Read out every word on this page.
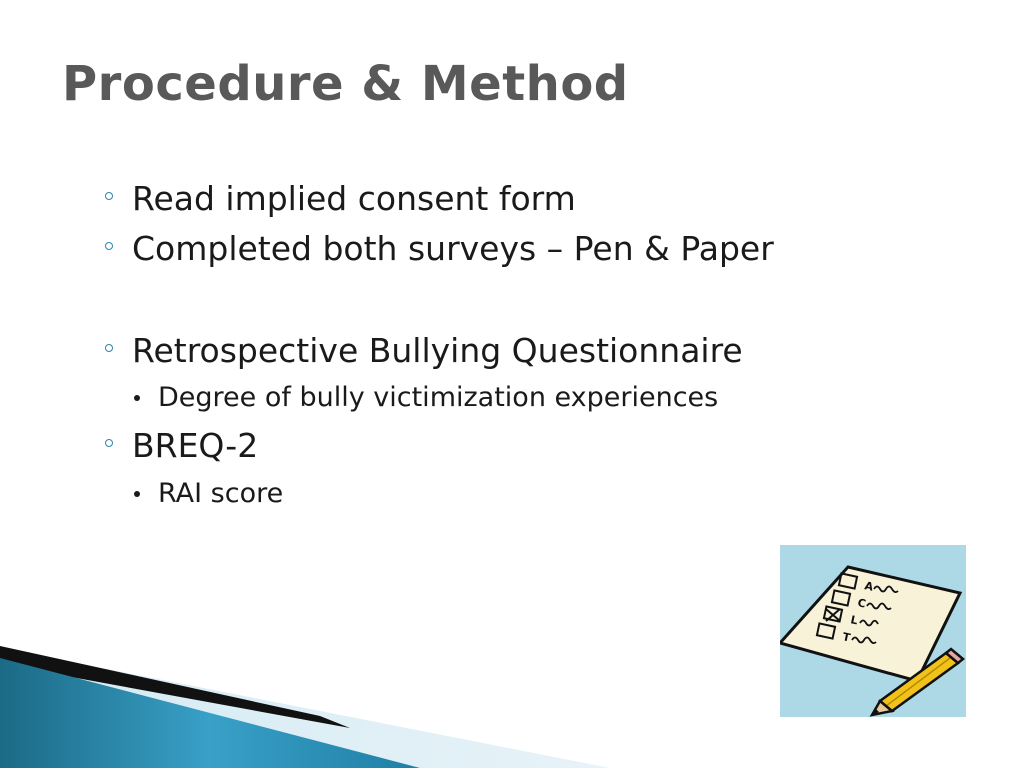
Procedure & Method
Read implied consent form
Completed both surveys – Pen & Paper
Retrospective Bullying Questionnaire
Degree of bully victimization experiences
BREQ-2
RAI score
A
C
L
T
